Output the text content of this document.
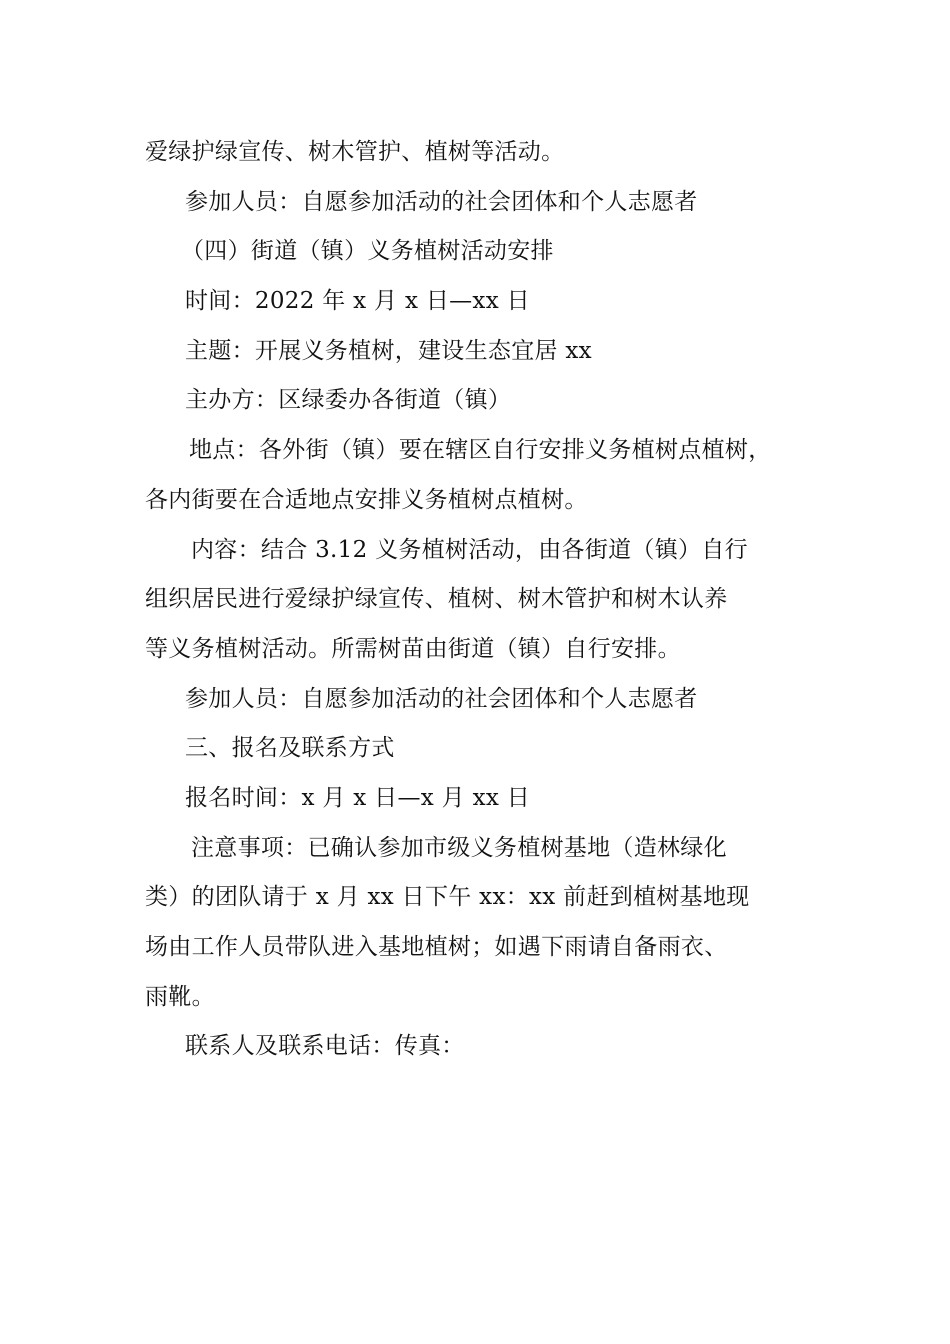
爱绿护绿宣传、树木管护、植树等活动。
参加人员：自愿参加活动的社会团体和个人志愿者
（四）街道（镇）义务植树活动安排
时间：2022 年 x 月 x 日—xx 日
主题：开展义务植树，建设生态宜居 xx
主办方：区绿委办各街道（镇）
地点：各外街（镇）要在辖区自行安排义务植树点植树，
各内街要在合适地点安排义务植树点植树。
内容：结合 3.12 义务植树活动，由各街道（镇）自行
组织居民进行爱绿护绿宣传、植树、树木管护和树木认养
等义务植树活动。所需树苗由街道（镇）自行安排。
参加人员：自愿参加活动的社会团体和个人志愿者
三、报名及联系方式
报名时间：x 月 x 日—x 月 xx 日
注意事项：已确认参加市级义务植树基地（造林绿化
类）的团队请于 x 月 xx 日下午 xx：xx 前赶到植树基地现
场由工作人员带队进入基地植树；如遇下雨请自备雨衣、
雨靴。
联系人及联系电话：传真：
